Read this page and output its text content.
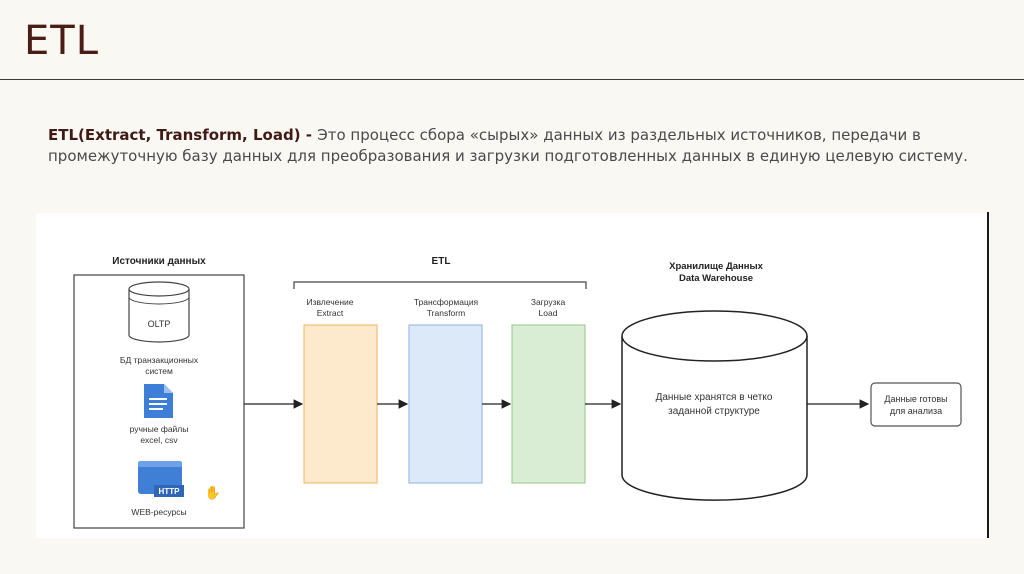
ETL
ETL(Extract, Transform, Load) - Это процесс сбора «сырых» данных из раздельных источников, передачи в промежуточную базу данных для преобразования и загрузки подготовленных данных в единую целевую систему.
Источники данных
OLTP
БД транзакционных
систем
ручные файлы
excel, csv
HTTP ✋
WEB-ресурсы
ETL
Извлечение
Extract
Трансформация
Transform
Загрузка
Load
Хранилище Данных
Data Warehouse
Данные хранятся в четко
заданной структуре
Данные готовы
для анализа
